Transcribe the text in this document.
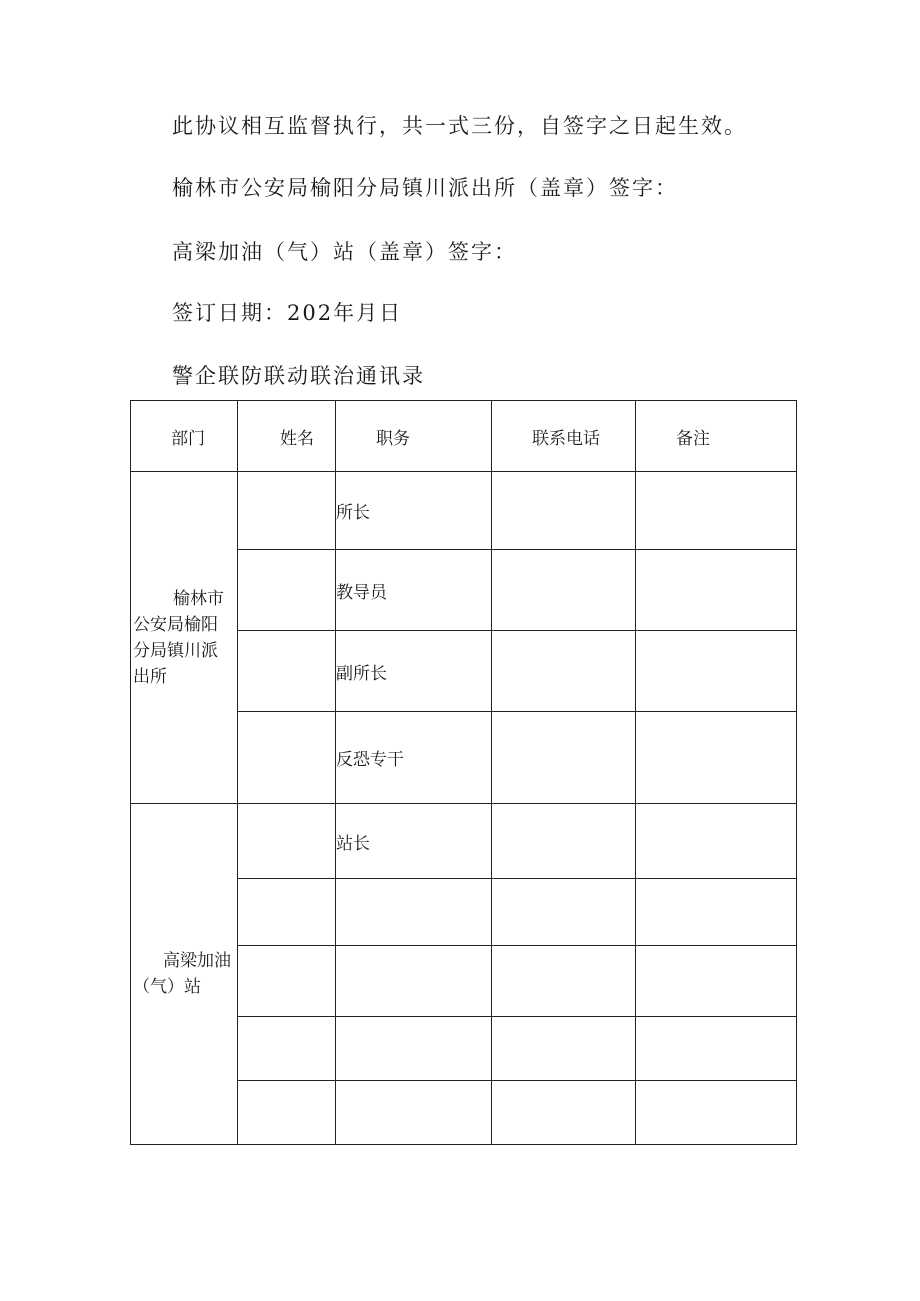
此协议相互监督执行，共一式三份，自签字之日起生效。

榆林市公安局榆阳分局镇川派出所（盖章）签字：

高梁加油（气）站（盖章）签字：

签订日期：202年月日

警企联防联动联治通讯录

部门	姓名	职务	联系电话	备注

榆林市公安局榆阳分局镇川派出所		所长		
		教导员		
		副所长		
		反恐专干		

高梁加油（气）站		站长		
